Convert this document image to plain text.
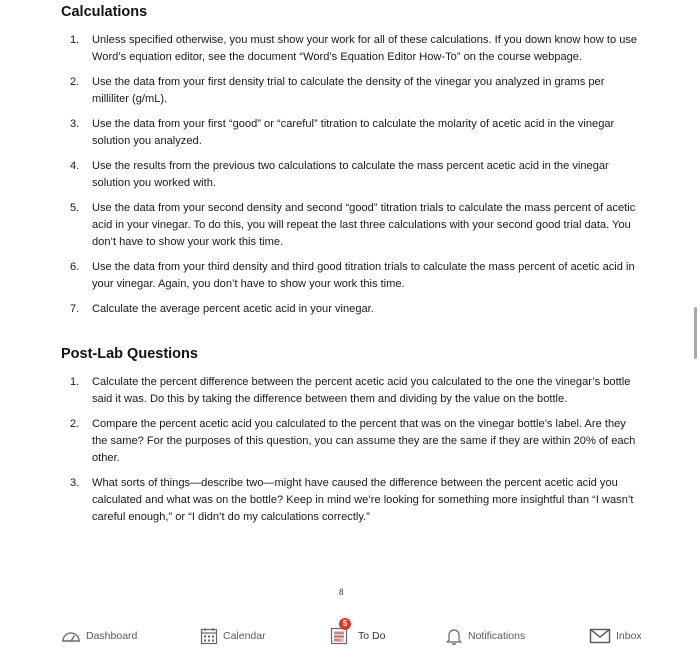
Calculations
1. Unless specified otherwise, you must show your work for all of these calculations. If you down know how to use Word’s equation editor, see the document “Word’s Equation Editor How-To” on the course webpage.
2. Use the data from your first density trial to calculate the density of the vinegar you analyzed in grams per milliliter (g/mL).
3. Use the data from your first “good” or “careful” titration to calculate the molarity of acetic acid in the vinegar solution you analyzed.
4. Use the results from the previous two calculations to calculate the mass percent acetic acid in the vinegar solution you worked with.
5. Use the data from your second density and second “good” titration trials to calculate the mass percent of acetic acid in your vinegar. To do this, you will repeat the last three calculations with your second good trial data. You don’t have to show your work this time.
6. Use the data from your third density and third good titration trials to calculate the mass percent of acetic acid in your vinegar. Again, you don’t have to show your work this time.
7. Calculate the average percent acetic acid in your vinegar.
Post-Lab Questions
1. Calculate the percent difference between the percent acetic acid you calculated to the one the vinegar’s bottle said it was. Do this by taking the difference between them and dividing by the value on the bottle.
2. Compare the percent acetic acid you calculated to the percent that was on the vinegar bottle’s label. Are they the same? For the purposes of this question, you can assume they are the same if they are within 20% of each other.
3. What sorts of things—describe two—might have caused the difference between the percent acetic acid you calculated and what was on the bottle? Keep in mind we’re looking for something more insightful than “I wasn’t careful enough,” or “I didn’t do my calculations correctly.”
8
Dashboard	Calendar
5
To Do	Notifications	Inbox
